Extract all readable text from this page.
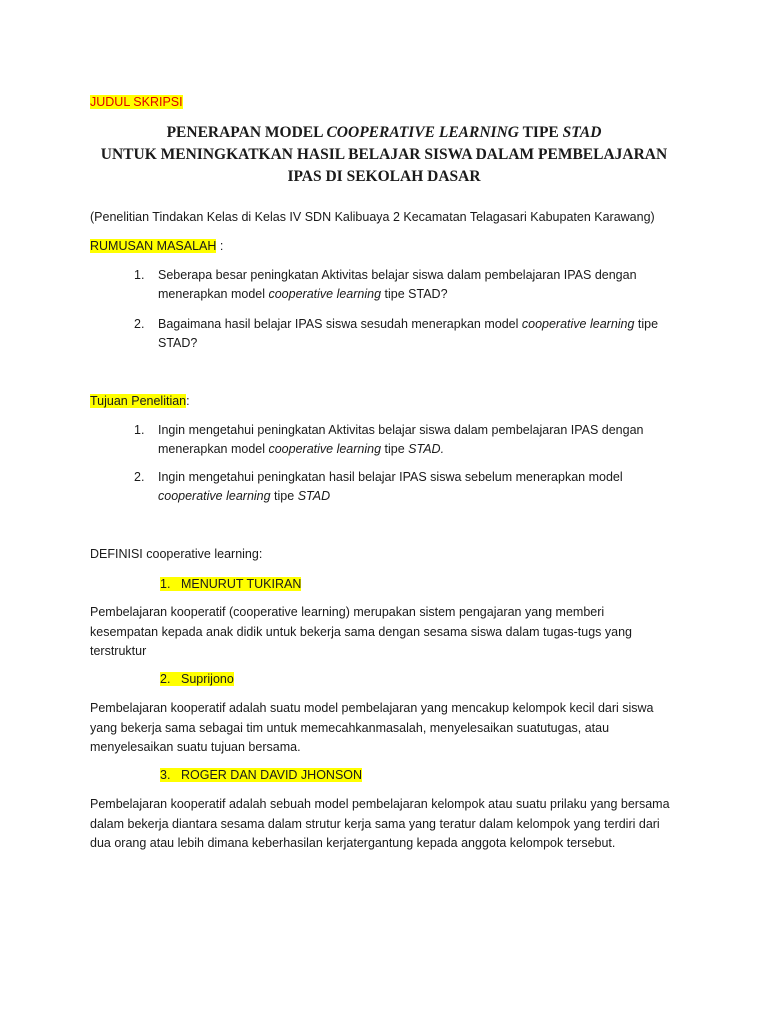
JUDUL SKRIPSI
PENERAPAN MODEL COOPERATIVE LEARNING TIPE STAD
UNTUK MENINGKATKAN HASIL BELAJAR SISWA DALAM PEMBELAJARAN
IPAS DI SEKOLAH DASAR
(Penelitian Tindakan Kelas di Kelas IV SDN Kalibuaya 2 Kecamatan Telagasari Kabupaten Karawang)
RUMUSAN MASALAH :
1. Seberapa besar peningkatan Aktivitas belajar siswa dalam pembelajaran IPAS dengan
menerapkan model cooperative learning tipe STAD?
2. Bagaimana hasil belajar IPAS siswa sesudah menerapkan model cooperative learning tipe
STAD?
Tujuan Penelitian:
1. Ingin mengetahui peningkatan Aktivitas belajar siswa dalam pembelajaran IPAS dengan
menerapkan model cooperative learning tipe STAD.
2. Ingin mengetahui peningkatan hasil belajar IPAS siswa sebelum menerapkan model
cooperative learning tipe STAD
DEFINISI cooperative learning:
1. MENURUT TUKIRAN
Pembelajaran kooperatif (cooperative learning) merupakan sistem pengajaran yang memberi
kesempatan kepada anak didik untuk bekerja sama dengan sesama siswa dalam tugas-tugs yang
terstruktur
2. Suprijono
Pembelajaran kooperatif adalah suatu model pembelajaran yang mencakup kelompok kecil dari siswa
yang bekerja sama sebagai tim untuk memecahkanmasalah, menyelesaikan suatutugas, atau
menyelesaikan suatu tujuan bersama.
3. ROGER DAN DAVID JHONSON
Pembelajaran kooperatif adalah sebuah model pembelajaran kelompok atau suatu prilaku yang bersama
dalam bekerja diantara sesama dalam strutur kerja sama yang teratur dalam kelompok yang terdiri dari
dua orang atau lebih dimana keberhasilan kerjatergantung kepada anggota kelompok tersebut.
